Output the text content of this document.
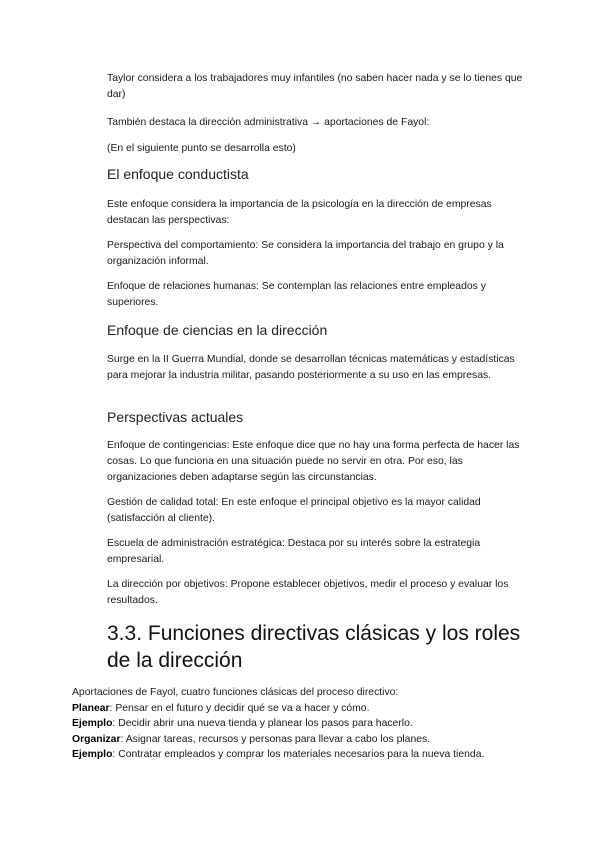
Taylor considera a los trabajadores muy infantiles (no saben hacer nada y se lo tienes que dar)

También destaca la dirección administrativa → aportaciones de Fayol:

(En el siguiente punto se desarrolla esto)

El enfoque conductista

Este enfoque considera la importancia de la psicología en la dirección de empresas destacan las perspectivas:

Perspectiva del comportamiento: Se considera la importancia del trabajo en grupo y la organización informal.

Enfoque de relaciones humanas: Se contemplan las relaciones entre empleados y superiores.

Enfoque de ciencias en la dirección

Surge en la II Guerra Mundial, donde se desarrollan técnicas matemáticas y estadísticas para mejorar la industria militar, pasando posteriormente a su uso en las empresas.

Perspectivas actuales

Enfoque de contingencias: Este enfoque dice que no hay una forma perfecta de hacer las cosas. Lo que funciona en una situación puede no servir en otra. Por eso, las organizaciones deben adaptarse según las circunstancias.

Gestión de calidad total: En este enfoque el principal objetivo es la mayor calidad (satisfacción al cliente).

Escuela de administración estratégica: Destaca por su interés sobre la estrategia empresarial.

La dirección por objetivos: Propone establecer objetivos, medir el proceso y evaluar los resultados.

3.3. Funciones directivas clásicas y los roles de la dirección
Aportaciones de Fayol, cuatro funciones clásicas del proceso directivo:
Planear: Pensar en el futuro y decidir qué se va a hacer y cómo.
Ejemplo: Decidir abrir una nueva tienda y planear los pasos para hacerlo.
Organizar: Asignar tareas, recursos y personas para llevar a cabo los planes.
Ejemplo: Contratar empleados y comprar los materiales necesarios para la nueva tienda.
